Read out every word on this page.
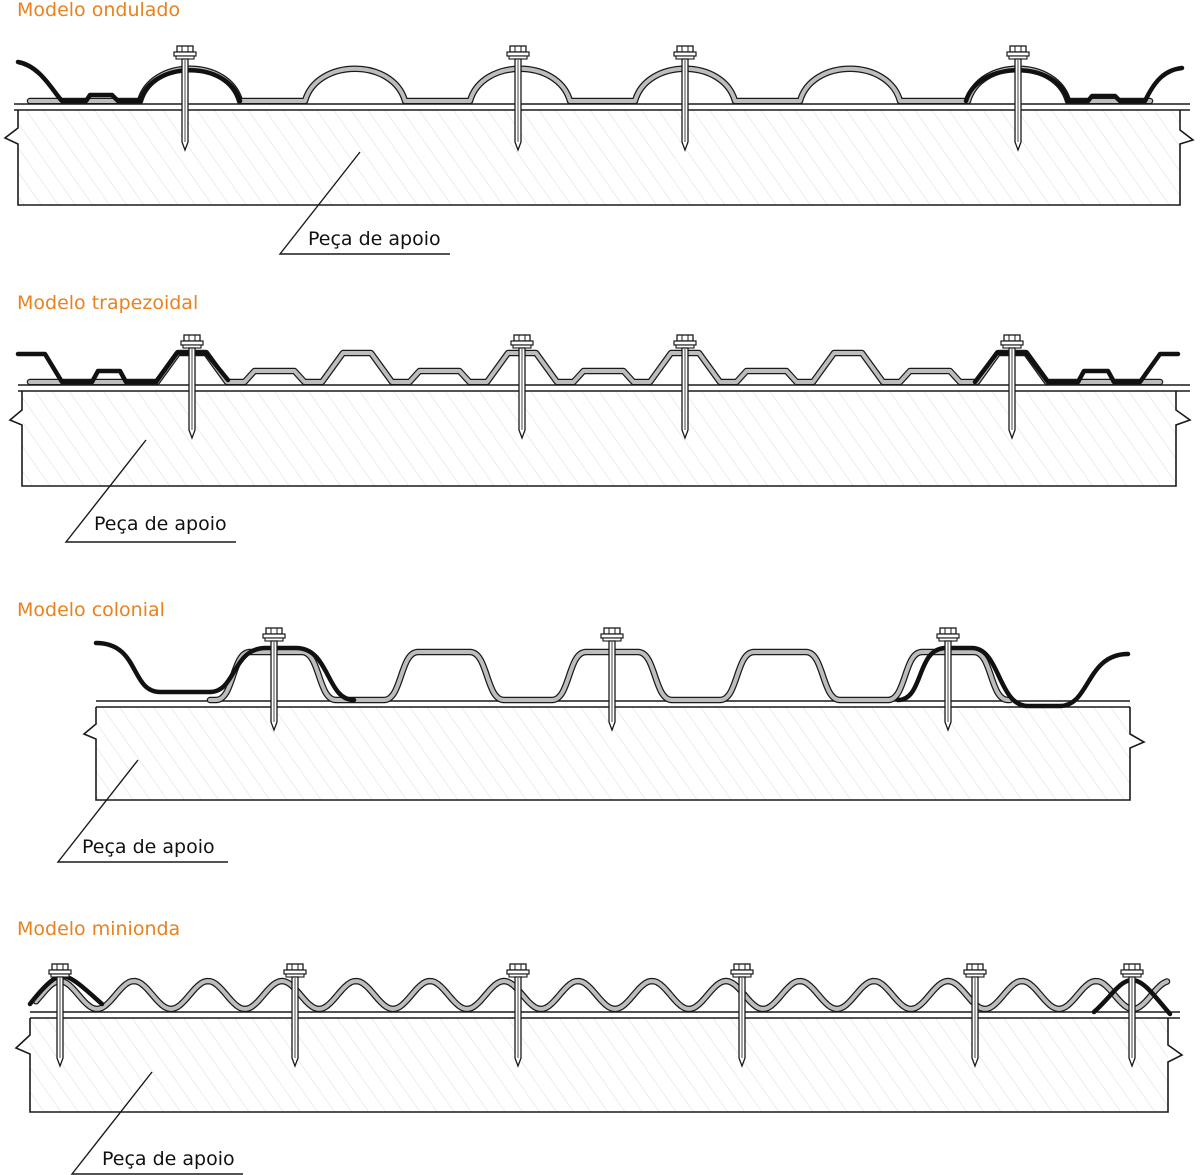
Modelo ondulado
Peça de apoio
Modelo trapezoidal
Peça de apoio
Modelo colonial
Peça de apoio
Modelo minionda
Peça de apoio
